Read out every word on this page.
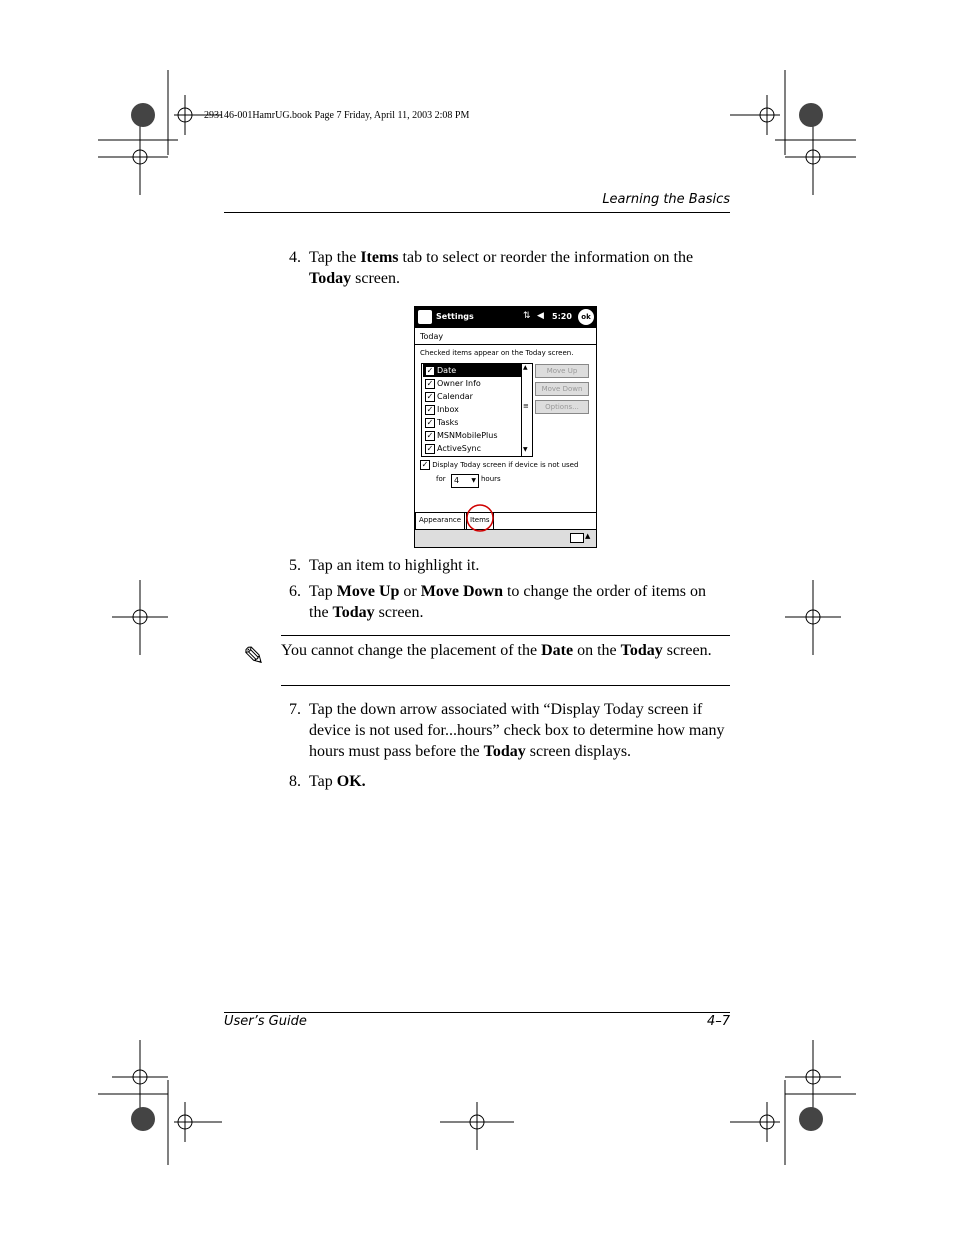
293146-001HamrUG.book Page 7 Friday, April 11, 2003 2:08 PM
Learning the Basics
4. Tap the Items tab to select or reorder the information on the Today screen.
Settings	⇅ ◀ 5:20	ok
Today
Checked items appear on the Today screen.
✓ Date
✓ Owner Info
✓ Calendar
✓ Inbox
✓ Tasks
✓ MSNMobilePlus
✓ ActiveSync
▲
≡
▼
Move Up
Move Down
Options...
✓ Display Today screen if device is not used
for 4 ▼ hours
Appearance	Items
▲
5. Tap an item to highlight it.
6. Tap Move Up or Move Down to change the order of items on the Today screen.
✎ You cannot change the placement of the Date on the Today screen.
7. Tap the down arrow associated with “Display Today screen if device is not used for...hours” check box to determine how many hours must pass before the Today screen displays.
8. Tap OK.
User’s Guide	4–7
